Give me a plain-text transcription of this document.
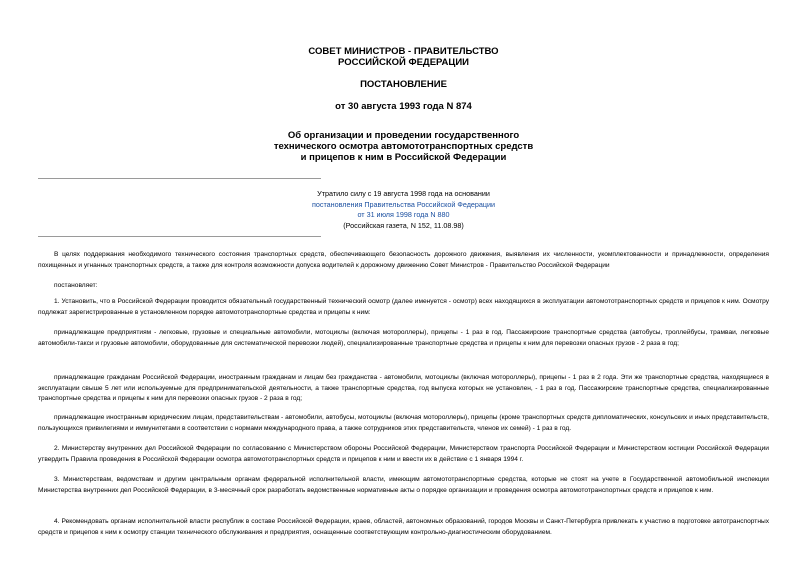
СОВЕТ МИНИСТРОВ - ПРАВИТЕЛЬСТВО
РОССИЙСКОЙ ФЕДЕРАЦИИ
ПОСТАНОВЛЕНИЕ
от 30 августа 1993 года N 874
Об организации и проведении государственного
технического осмотра автомототранспортных средств
и прицепов к ним в Российской Федерации
Утратило силу с 19 августа 1998 года на основании
постановления Правительства Российской Федерации
от 31 июля 1998 года N 880
(Российская газета, N 152, 11.08.98)

В целях поддержания необходимого технического состояния транспортных средств, обеспечивающего безопасность дорожного движения, выявления их численности, укомплектованности и принадлежности, определения похищенных и угнанных транспортных средств, а также для контроля возможности допуска водителей к дорожному движению Совет Министров - Правительство Российской Федерации

постановляет:

1. Установить, что в Российской Федерации проводится обязательный государственный технический осмотр (далее именуется - осмотр) всех находящихся в эксплуатации автомототранспортных средств и прицепов к ним. Осмотру подлежат зарегистрированные в установленном порядке автомототранспортные средства и прицепы к ним:

принадлежащие предприятиям - легковые, грузовые и специальные автомобили, мотоциклы (включая мотороллеры), прицепы - 1 раз в год. Пассажирские транспортные средства (автобусы, троллейбусы, трамваи, легковые автомобили-такси и грузовые автомобили, оборудованные для систематической перевозки людей), специализированные транспортные средства и прицепы к ним для перевозки опасных грузов - 2 раза в год;

принадлежащие гражданам Российской Федерации, иностранным гражданам и лицам без гражданства - автомобили, мотоциклы (включая мотороллеры), прицепы - 1 раз в 2 года. Эти же транспортные средства, находящиеся в эксплуатации свыше 5 лет или используемые для предпринимательской деятельности, а также транспортные средства, год выпуска которых не установлен, - 1 раз в год. Пассажирские транспортные средства, специализированные транспортные средства и прицепы к ним для перевозки опасных грузов - 2 раза в год;

принадлежащие иностранным юридическим лицам, представительствам - автомобили, автобусы, мотоциклы (включая мотороллеры), прицепы (кроме транспортных средств дипломатических, консульских и иных представительств, пользующихся привилегиями и иммунитетами в соответствии с нормами международного права, а также сотрудников этих представительств, членов их семей) - 1 раз в год.

2. Министерству внутренних дел Российской Федерации по согласованию с Министерством обороны Российской Федерации, Министерством транспорта Российской Федерации и Министерством юстиции Российской Федерации утвердить Правила проведения в Российской Федерации осмотра автомототранспортных средств и прицепов к ним и ввести их в действие с 1 января 1994 г.

3. Министерствам, ведомствам и другим центральным органам федеральной исполнительной власти, имеющим автомототранспортные средства, которые не стоят на учете в Государственной автомобильной инспекции Министерства внутренних дел Российской Федерации, в 3-месячный срок разработать ведомственные нормативные акты о порядке организации и проведения осмотра автомототранспортных средств и прицепов к ним.

4. Рекомендовать органам исполнительной власти республик в составе Российской Федерации, краев, областей, автономных образований, городов Москвы и Санкт-Петербурга привлекать к участию в подготовке автотранспортных средств и прицепов к ним к осмотру станции технического обслуживания и предприятия, оснащенные соответствующим контрольно-диагностическим оборудованием.
